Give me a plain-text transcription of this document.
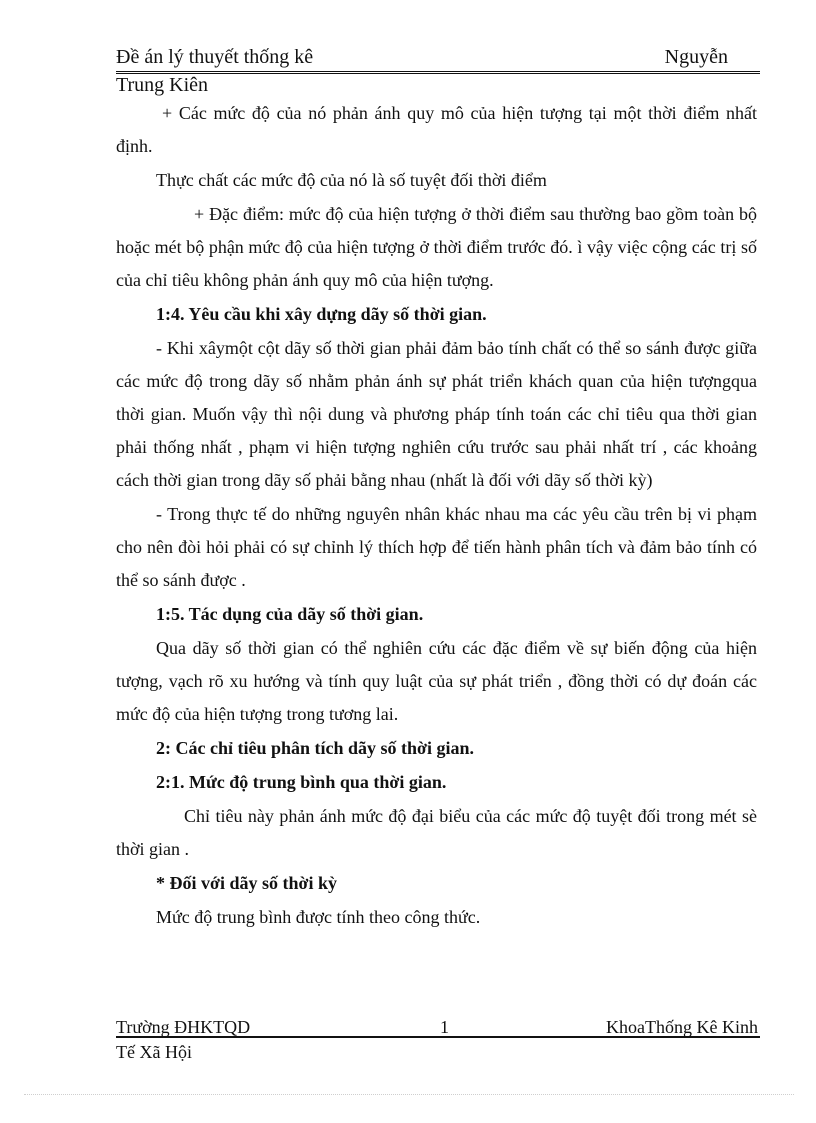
Đề án lý thuyết thống kê	Nguyễn
Trung Kiên

+ Các mức độ của nó phản ánh quy mô của hiện tượng tại một thời điểm nhất định.

Thực chất các mức độ của nó là số tuyệt đối thời điểm

+ Đặc điểm: mức độ của hiện tượng ở thời điểm sau thường bao gồm toàn bộ hoặc mét bộ phận mức độ của hiện tượng ở thời điểm trước đó. ì vậy việc cộng các trị số của chỉ tiêu không phản ánh quy mô của hiện tượng.

1:4. Yêu cầu khi xây dựng dãy số thời gian.

- Khi xâymột cột dãy số thời gian phải đảm bảo tính chất có thể so sánh được giữa các mức độ trong dãy số nhằm phản ánh sự phát triển khách quan của hiện tượngqua thời gian. Muốn vậy thì nội dung và phương pháp tính toán các chỉ tiêu qua thời gian phải thống nhất , phạm vi hiện tượng nghiên cứu trước sau phải nhất trí , các khoảng cách thời gian trong dãy số phải bằng nhau (nhất là đối với dãy số thời kỳ)

- Trong thực tế do những nguyên nhân khác nhau ma các yêu cầu trên bị vi phạm cho nên đòi hỏi phải có sự chỉnh lý thích hợp để tiến hành phân tích và đảm bảo tính có thể so sánh được .

1:5. Tác dụng của dãy số thời gian.

Qua dãy số thời gian có thể nghiên cứu các đặc điểm về sự biến động của hiện tượng, vạch rõ xu hướng và tính quy luật của sự phát triển , đồng thời có dự đoán các mức độ của hiện tượng trong tương lai.

2: Các chỉ tiêu phân tích dãy số thời gian.

2:1. Mức độ trung bình qua thời gian.

Chỉ tiêu này phản ánh mức độ đại biểu của các mức độ tuyệt đối trong mét sè thời gian .

* Đối với dãy số thời kỳ

Mức độ trung bình được tính theo công thức.

Trường ĐHKTQD	1	KhoaThống Kê Kinh
Tế Xã Hội
